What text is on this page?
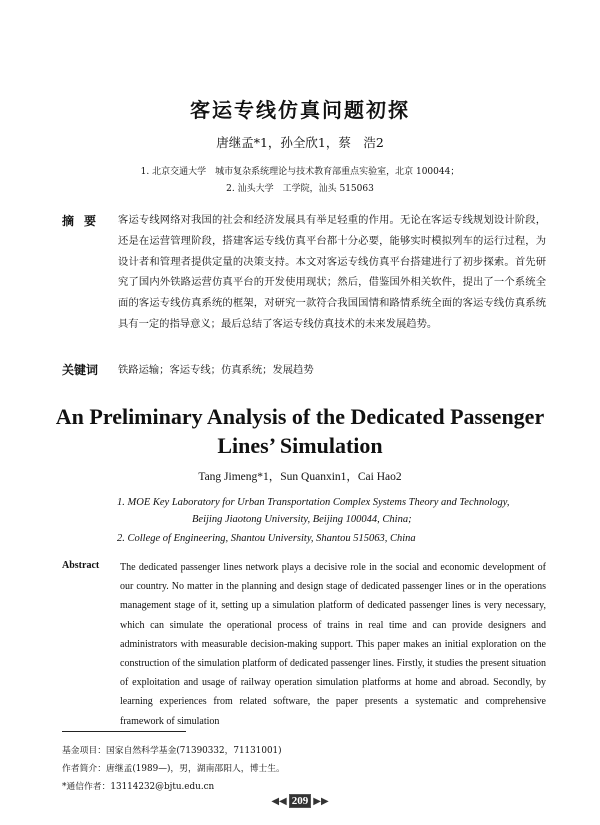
客运专线仿真问题初探
唐继孟*1，孙全欣1，蔡　浩2
1. 北京交通大学　城市复杂系统理论与技术教育部重点实验室，北京 100044；
2. 汕头大学　工学院，汕头 515063
摘要 客运专线网络对我国的社会和经济发展具有举足轻重的作用。无论在客运专线规划设计阶段，还是在运营管理阶段，搭建客运专线仿真平台都十分必要，能够实时模拟列车的运行过程，为设计者和管理者提供定量的决策支持。本文对客运专线仿真平台搭建进行了初步探索。首先研究了国内外铁路运营仿真平台的开发使用现状；然后，借鉴国外相关软件，提出了一个系统全面的客运专线仿真系统的框架，对研究一款符合我国国情和路情系统全面的客运专线仿真系统具有一定的指导意义；最后总结了客运专线仿真技术的未来发展趋势。
关键词 铁路运输；客运专线；仿真系统；发展趋势
An Preliminary Analysis of the Dedicated Passenger
Lines’ Simulation
Tang Jimeng*1，Sun Quanxin1，Cai Hao2
1. MOE Key Laboratory for Urban Transportation Complex Systems Theory and Technology,
Beijing Jiaotong University, Beijing 100044, China;
2. College of Engineering, Shantou University, Shantou 515063, China
Abstract The dedicated passenger lines network plays a decisive role in the social and economic development of our country. No matter in the planning and design stage of dedicated passenger lines or in the operations management stage of it, setting up a simulation platform of dedicated passenger lines is very necessary, which can simulate the operational process of trains in real time and can provide designers and administrators with measurable decision-making support. This paper makes an initial exploration on the construction of the simulation platform of dedicated passenger lines. Firstly, it studies the present situation of exploitation and usage of railway operation simulation platforms at home and abroad. Secondly, by learning experiences from related software, the paper presents a systematic and comprehensive framework of simulation
基金项目：国家自然科学基金(71390332，71131001)
作者简介：唐继孟(1989—)，男，湖南邵阳人，博士生。
*通信作者：13114232@bjtu.edu.cn
◀◀ 209 ▶▶
